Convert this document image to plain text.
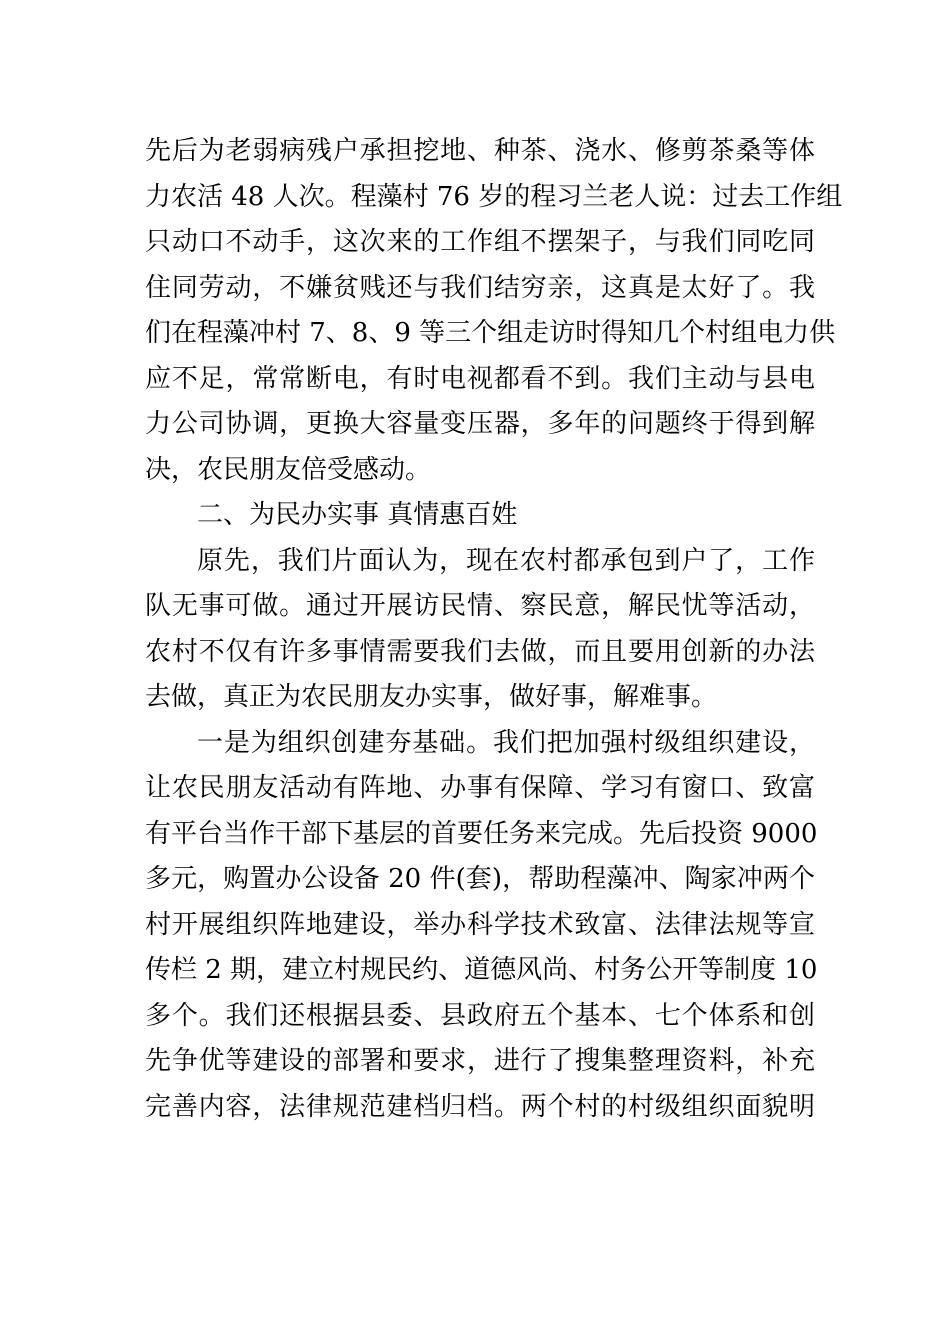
先后为老弱病残户承担挖地、种茶、浇水、修剪茶桑等体
力农活 48 人次。程藻村 76 岁的程习兰老人说：过去工作组
只动口不动手，这次来的工作组不摆架子，与我们同吃同
住同劳动，不嫌贫贱还与我们结穷亲，这真是太好了。我
们在程藻冲村 7、8、9 等三个组走访时得知几个村组电力供
应不足，常常断电，有时电视都看不到。我们主动与县电
力公司协调，更换大容量变压器，多年的问题终于得到解
决，农民朋友倍受感动。
二、为民办实事 真情惠百姓
原先，我们片面认为，现在农村都承包到户了，工作
队无事可做。通过开展访民情、察民意，解民忧等活动，
农村不仅有许多事情需要我们去做，而且要用创新的办法
去做，真正为农民朋友办实事，做好事，解难事。
一是为组织创建夯基础。我们把加强村级组织建设，
让农民朋友活动有阵地、办事有保障、学习有窗口、致富
有平台当作干部下基层的首要任务来完成。先后投资 9000
多元，购置办公设备 20 件(套)，帮助程藻冲、陶家冲两个
村开展组织阵地建设，举办科学技术致富、法律法规等宣
传栏 2 期，建立村规民约、道德风尚、村务公开等制度 10
多个。我们还根据县委、县政府五个基本、七个体系和创
先争优等建设的部署和要求，进行了搜集整理资料，补充
完善内容，法律规范建档归档。两个村的村级组织面貌明
